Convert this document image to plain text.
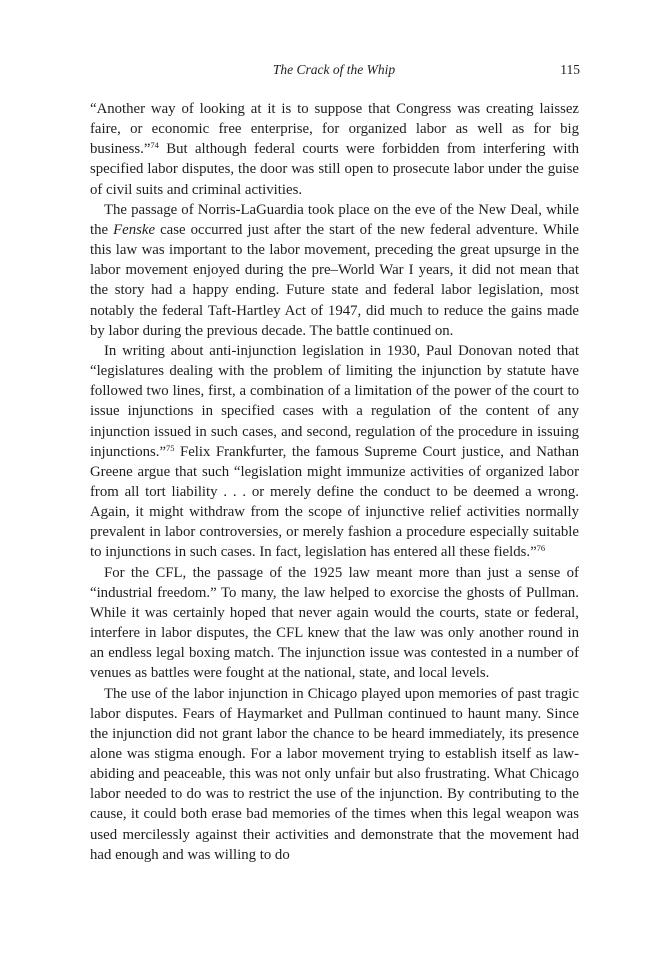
The Crack of the Whip	115

“Another way of looking at it is to suppose that Congress was creating laissez faire, or economic free enterprise, for organized labor as well as for big business.”$^{74}$ But although federal courts were forbidden from interfering with specified labor disputes, the door was still open to prosecute labor under the guise of civil suits and criminal activities.

The passage of Norris-LaGuardia took place on the eve of the New Deal, while the Fenske case occurred just after the start of the new federal adventure. While this law was important to the labor movement, preceding the great upsurge in the labor movement enjoyed during the pre–World War I years, it did not mean that the story had a happy ending. Future state and federal labor legislation, most notably the federal Taft-Hartley Act of 1947, did much to reduce the gains made by labor during the previous decade. The battle continued on.

In writing about anti-injunction legislation in 1930, Paul Donovan noted that “legislatures dealing with the problem of limiting the injunction by statute have followed two lines, first, a combination of a limitation of the power of the court to issue injunctions in specified cases with a regulation of the content of any injunction issued in such cases, and second, regulation of the procedure in issuing injunctions.”$^{75}$ Felix Frankfurter, the famous Supreme Court justice, and Nathan Greene argue that such “legislation might immunize activities of organized labor from all tort liability . . . or merely define the conduct to be deemed a wrong. Again, it might withdraw from the scope of injunctive relief activities normally prevalent in labor controversies, or merely fashion a procedure especially suitable to injunctions in such cases. In fact, legislation has entered all these fields.”$^{76}$

For the CFL, the passage of the 1925 law meant more than just a sense of “industrial freedom.” To many, the law helped to exorcise the ghosts of Pullman. While it was certainly hoped that never again would the courts, state or federal, interfere in labor disputes, the CFL knew that the law was only another round in an endless legal boxing match. The injunction issue was contested in a number of venues as battles were fought at the national, state, and local levels.

The use of the labor injunction in Chicago played upon memories of past tragic labor disputes. Fears of Haymarket and Pullman continued to haunt many. Since the injunction did not grant labor the chance to be heard immediately, its presence alone was stigma enough. For a labor movement trying to establish itself as law-abiding and peaceable, this was not only unfair but also frustrating. What Chicago labor needed to do was to restrict the use of the injunction. By contributing to the cause, it could both erase bad memories of the times when this legal weapon was used mercilessly against their activities and demonstrate that the movement had had enough and was willing to do
